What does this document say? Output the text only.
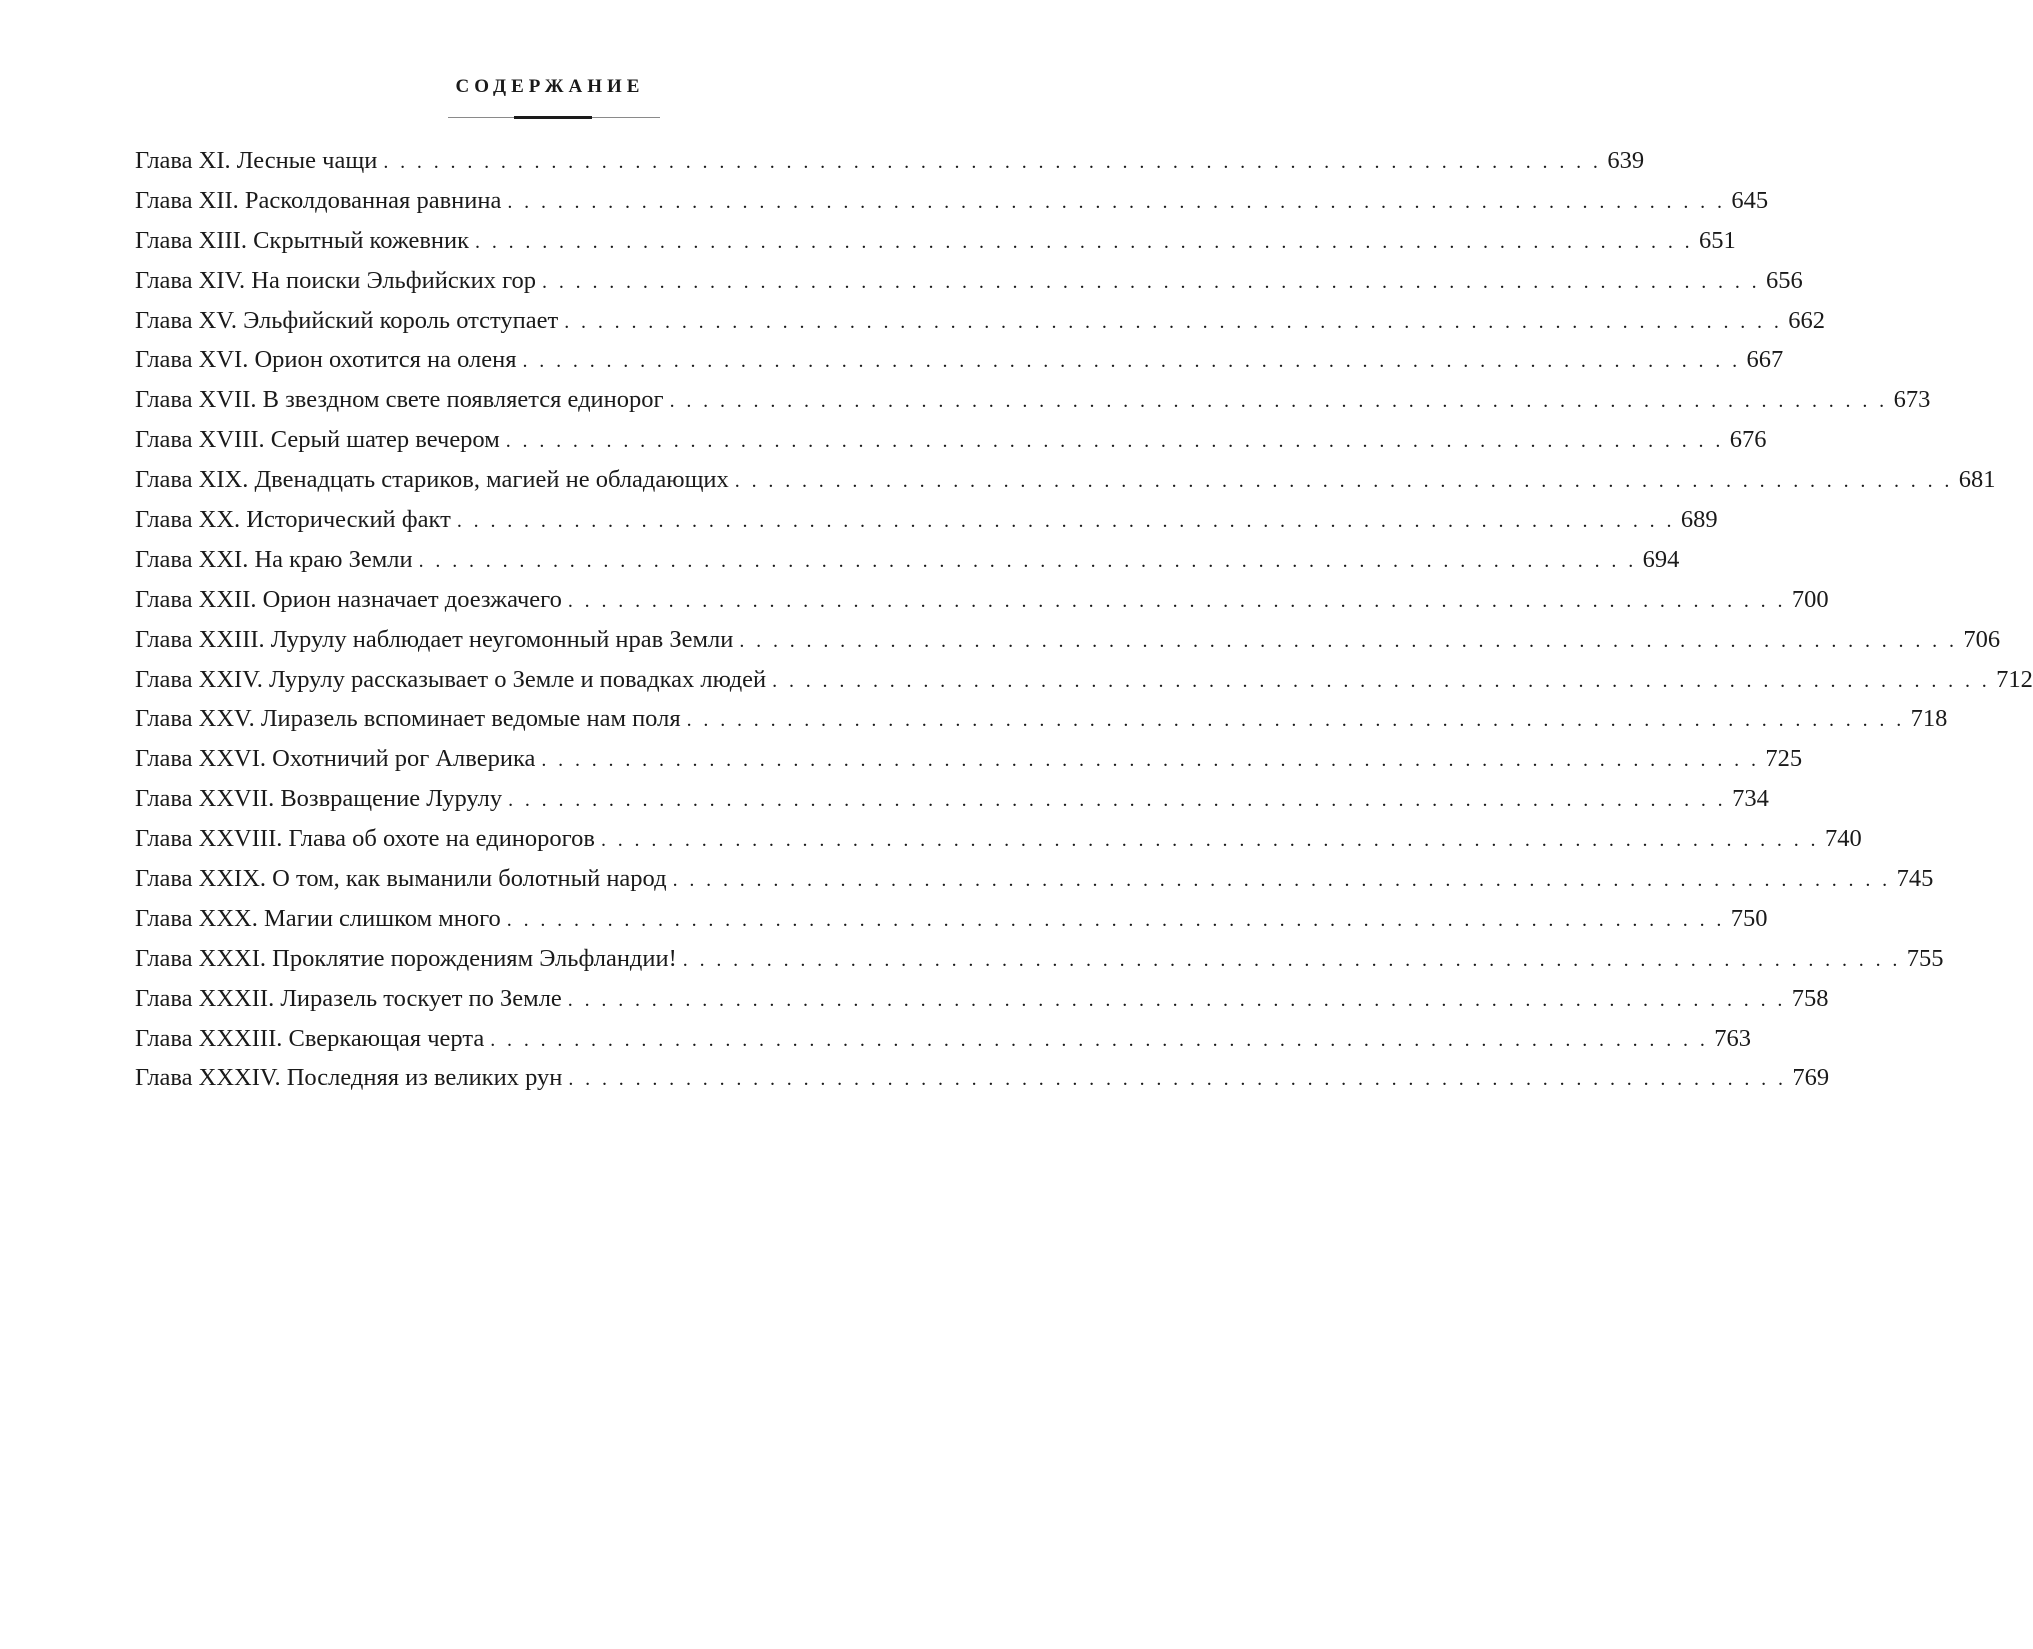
СОДЕРЖАНИЕ
Глава XI. Лесные чащи . . . . . . . . . . . . . . . . . . . . . . . . . . . . . . . . . . . . . . . . . . . . . . . . . . . . . . . . . . . . . . . . . . . . . . . . . 639
Глава XII. Расколдованная равнина . . . . . . . . . . . . . . . . . . . . . . . . . . . . . . . . . . . . . . . . . . . . . . . . . . . . . . . . . . . . . . . . . . . . . . . . . 645
Глава XIII. Скрытный кожевник . . . . . . . . . . . . . . . . . . . . . . . . . . . . . . . . . . . . . . . . . . . . . . . . . . . . . . . . . . . . . . . . . . . . . . . . . 651
Глава XIV. На поиски Эльфийских гор . . . . . . . . . . . . . . . . . . . . . . . . . . . . . . . . . . . . . . . . . . . . . . . . . . . . . . . . . . . . . . . . . . . . . . . . . 656
Глава XV. Эльфийский король отступает . . . . . . . . . . . . . . . . . . . . . . . . . . . . . . . . . . . . . . . . . . . . . . . . . . . . . . . . . . . . . . . . . . . . . . . . . 662
Глава XVI. Орион охотится на оленя . . . . . . . . . . . . . . . . . . . . . . . . . . . . . . . . . . . . . . . . . . . . . . . . . . . . . . . . . . . . . . . . . . . . . . . . . 667
Глава XVII. В звездном свете появляется единорог . . . . . . . . . . . . . . . . . . . . . . . . . . . . . . . . . . . . . . . . . . . . . . . . . . . . . . . . . . . . . . . . . . . . . . . . . 673
Глава XVIII. Серый шатер вечером . . . . . . . . . . . . . . . . . . . . . . . . . . . . . . . . . . . . . . . . . . . . . . . . . . . . . . . . . . . . . . . . . . . . . . . . . 676
Глава XIX. Двенадцать стариков, магией не обладающих . . . . . . . . . . . . . . . . . . . . . . . . . . . . . . . . . . . . . . . . . . . . . . . . . . . . . . . . . . . . . . . . . . . . . . . . . 681
Глава XX. Исторический факт . . . . . . . . . . . . . . . . . . . . . . . . . . . . . . . . . . . . . . . . . . . . . . . . . . . . . . . . . . . . . . . . . . . . . . . . . 689
Глава XXI. На краю Земли . . . . . . . . . . . . . . . . . . . . . . . . . . . . . . . . . . . . . . . . . . . . . . . . . . . . . . . . . . . . . . . . . . . . . . . . . 694
Глава XXII. Орион назначает доезжачего . . . . . . . . . . . . . . . . . . . . . . . . . . . . . . . . . . . . . . . . . . . . . . . . . . . . . . . . . . . . . . . . . . . . . . . . . 700
Глава XXIII. Лурулу наблюдает неугомонный нрав Земли . . . . . . . . . . . . . . . . . . . . . . . . . . . . . . . . . . . . . . . . . . . . . . . . . . . . . . . . . . . . . . . . . . . . . . . . . 706
Глава XXIV. Лурулу рассказывает о Земле и повадках людей . . . . . . . . . . . . . . . . . . . . . . . . . . . . . . . . . . . . . . . . . . . . . . . . . . . . . . . . . . . . . . . . . . . . . . . . . 712
Глава XXV. Лиразель вспоминает ведомые нам поля . . . . . . . . . . . . . . . . . . . . . . . . . . . . . . . . . . . . . . . . . . . . . . . . . . . . . . . . . . . . . . . . . . . . . . . . . 718
Глава XXVI. Охотничий рог Алверика . . . . . . . . . . . . . . . . . . . . . . . . . . . . . . . . . . . . . . . . . . . . . . . . . . . . . . . . . . . . . . . . . . . . . . . . . 725
Глава XXVII. Возвращение Лурулу . . . . . . . . . . . . . . . . . . . . . . . . . . . . . . . . . . . . . . . . . . . . . . . . . . . . . . . . . . . . . . . . . . . . . . . . . 734
Глава XXVIII. Глава об охоте на единорогов . . . . . . . . . . . . . . . . . . . . . . . . . . . . . . . . . . . . . . . . . . . . . . . . . . . . . . . . . . . . . . . . . . . . . . . . . 740
Глава XXIX. О том, как выманили болотный народ . . . . . . . . . . . . . . . . . . . . . . . . . . . . . . . . . . . . . . . . . . . . . . . . . . . . . . . . . . . . . . . . . . . . . . . . . 745
Глава XXX. Магии слишком много . . . . . . . . . . . . . . . . . . . . . . . . . . . . . . . . . . . . . . . . . . . . . . . . . . . . . . . . . . . . . . . . . . . . . . . . . 750
Глава XXXI. Проклятие порождениям Эльфландии! . . . . . . . . . . . . . . . . . . . . . . . . . . . . . . . . . . . . . . . . . . . . . . . . . . . . . . . . . . . . . . . . . . . . . . . . . 755
Глава XXXII. Лиразель тоскует по Земле . . . . . . . . . . . . . . . . . . . . . . . . . . . . . . . . . . . . . . . . . . . . . . . . . . . . . . . . . . . . . . . . . . . . . . . . . 758
Глава XXXIII. Сверкающая черта . . . . . . . . . . . . . . . . . . . . . . . . . . . . . . . . . . . . . . . . . . . . . . . . . . . . . . . . . . . . . . . . . . . . . . . . . 763
Глава XXXIV. Последняя из великих рун . . . . . . . . . . . . . . . . . . . . . . . . . . . . . . . . . . . . . . . . . . . . . . . . . . . . . . . . . . . . . . . . . . . . . . . . . 769
